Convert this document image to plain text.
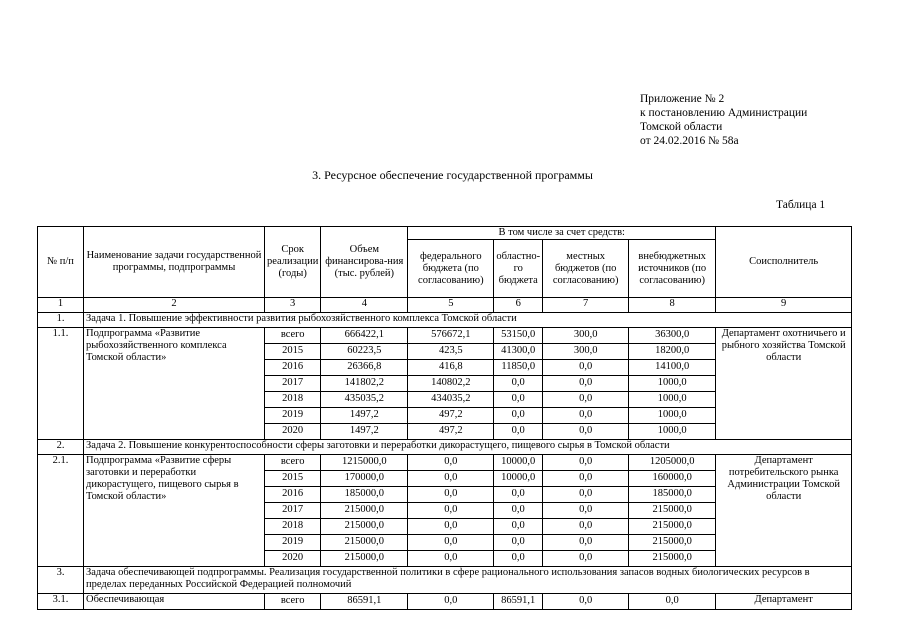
Приложение № 2
к постановлению Администрации
Томской области
от 24.02.2016 № 58а
3. Ресурсное обеспечение государственной программы
Таблица 1
№ п/п	Наименование задачи государственной программы, подпрограммы	Срок реализации (годы)	Объем финансирова-ния (тыс. рублей)	В том числе за счет средств:				Соисполнитель
				федерального бюджета (по согласованию)	областно-го бюджета	местных бюджетов (по согласованию)	внебюджетных источников (по согласованию)	
1	2	3	4	5	6	7	8	9
1.	Задача 1. Повышение эффективности развития рыбохозяйственного комплекса Томской области							
1.1.	Подпрограмма «Развитие рыбохозяйственного комплекса Томской области»	всего	666422,1	576672,1	53150,0	300,0	36300,0	Департамент охотничьего и рыбного хозяйства Томской области
		2015	60223,5	423,5	41300,0	300,0	18200,0	
		2016	26366,8	416,8	11850,0	0,0	14100,0	
		2017	141802,2	140802,2	0,0	0,0	1000,0	
		2018	435035,2	434035,2	0,0	0,0	1000,0	
		2019	1497,2	497,2	0,0	0,0	1000,0	
		2020	1497,2	497,2	0,0	0,0	1000,0	
2.	Задача 2. Повышение конкурентоспособности сферы заготовки и переработки дикорастущего, пищевого сырья в Томской области							
2.1.	Подпрограмма «Развитие сферы заготовки и переработки дикорастущего, пищевого сырья в Томской области»	всего	1215000,0	0,0	10000,0	0,0	1205000,0	Департамент потребительского рынка Администрации Томской области
		2015	170000,0	0,0	10000,0	0,0	160000,0	
		2016	185000,0	0,0	0,0	0,0	185000,0	
		2017	215000,0	0,0	0,0	0,0	215000,0	
		2018	215000,0	0,0	0,0	0,0	215000,0	
		2019	215000,0	0,0	0,0	0,0	215000,0	
		2020	215000,0	0,0	0,0	0,0	215000,0	
3.	Задача обеспечивающей подпрограммы. Реализация государственной политики в сфере рационального использования запасов водных биологических ресурсов в пределах переданных Российской Федерацией полномочий							
3.1.	Обеспечивающая	всего	86591,1	0,0	86591,1	0,0	0,0	Департамент
